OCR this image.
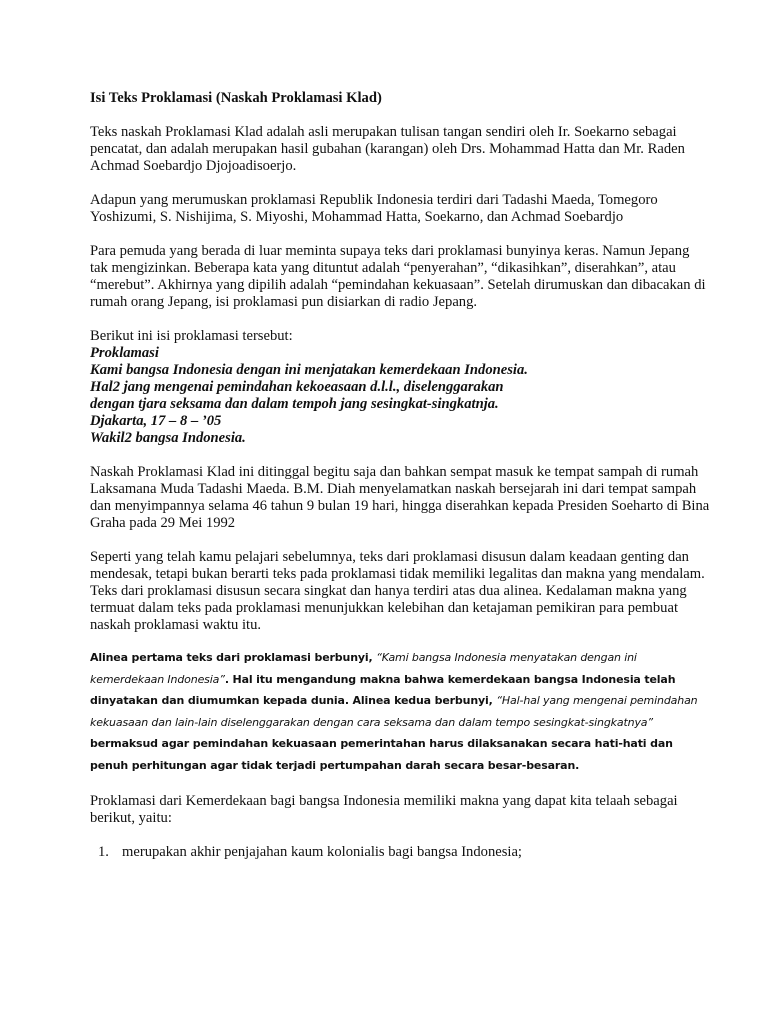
Isi Teks Proklamasi (Naskah Proklamasi Klad)

Teks naskah Proklamasi Klad adalah asli merupakan tulisan tangan sendiri oleh Ir. Soekarno sebagai pencatat, dan adalah merupakan hasil gubahan (karangan) oleh Drs. Mohammad Hatta dan Mr. Raden Achmad Soebardjo Djojoadisoerjo.

Adapun yang merumuskan proklamasi Republik Indonesia terdiri dari Tadashi Maeda, Tomegoro Yoshizumi, S. Nishijima, S. Miyoshi, Mohammad Hatta, Soekarno, dan Achmad Soebardjo

Para pemuda yang berada di luar meminta supaya teks dari proklamasi bunyinya keras. Namun Jepang tak mengizinkan. Beberapa kata yang dituntut adalah “penyerahan”, “dikasihkan”, diserahkan”, atau “merebut”. Akhirnya yang dipilih adalah “pemindahan kekuasaan”. Setelah dirumuskan dan dibacakan di rumah orang Jepang, isi proklamasi pun disiarkan di radio Jepang.

Berikut ini isi proklamasi tersebut:

Proklamasi

Kami bangsa Indonesia dengan ini menjatakan kemerdekaan Indonesia.

Hal2 jang mengenai pemindahan kekoeasaan d.l.l., diselenggarakan

dengan tjara seksama dan dalam tempoh jang sesingkat-singkatnja.

Djakarta, 17 – 8 – ’05

Wakil2 bangsa Indonesia.

Naskah Proklamasi Klad ini ditinggal begitu saja dan bahkan sempat masuk ke tempat sampah di rumah Laksamana Muda Tadashi Maeda. B.M. Diah menyelamatkan naskah bersejarah ini dari tempat sampah dan menyimpannya selama 46 tahun 9 bulan 19 hari, hingga diserahkan kepada Presiden Soeharto di Bina Graha pada 29 Mei 1992

Seperti yang telah kamu pelajari sebelumnya, teks dari proklamasi disusun dalam keadaan genting dan mendesak, tetapi bukan berarti teks pada proklamasi tidak memiliki legalitas dan makna yang mendalam. Teks dari proklamasi disusun secara singkat dan hanya terdiri atas dua alinea. Kedalaman makna yang termuat dalam teks pada proklamasi menunjukkan kelebihan dan ketajaman pemikiran para pembuat naskah proklamasi waktu itu.

Alinea pertama teks dari proklamasi berbunyi, “Kami bangsa Indonesia menyatakan dengan ini kemerdekaan Indonesia”. Hal itu mengandung makna bahwa kemerdekaan bangsa Indonesia telah dinyatakan dan diumumkan kepada dunia. Alinea kedua berbunyi, “Hal-hal yang mengenai pemindahan kekuasaan dan lain-lain diselenggarakan dengan cara seksama dan dalam tempo sesingkat-singkatnya” bermaksud agar pemindahan kekuasaan pemerintahan harus dilaksanakan secara hati-hati dan penuh perhitungan agar tidak terjadi pertumpahan darah secara besar-besaran.

Proklamasi dari Kemerdekaan bagi bangsa Indonesia memiliki makna yang dapat kita telaah sebagai berikut, yaitu:

1. merupakan akhir penjajahan kaum kolonialis bagi bangsa Indonesia;
